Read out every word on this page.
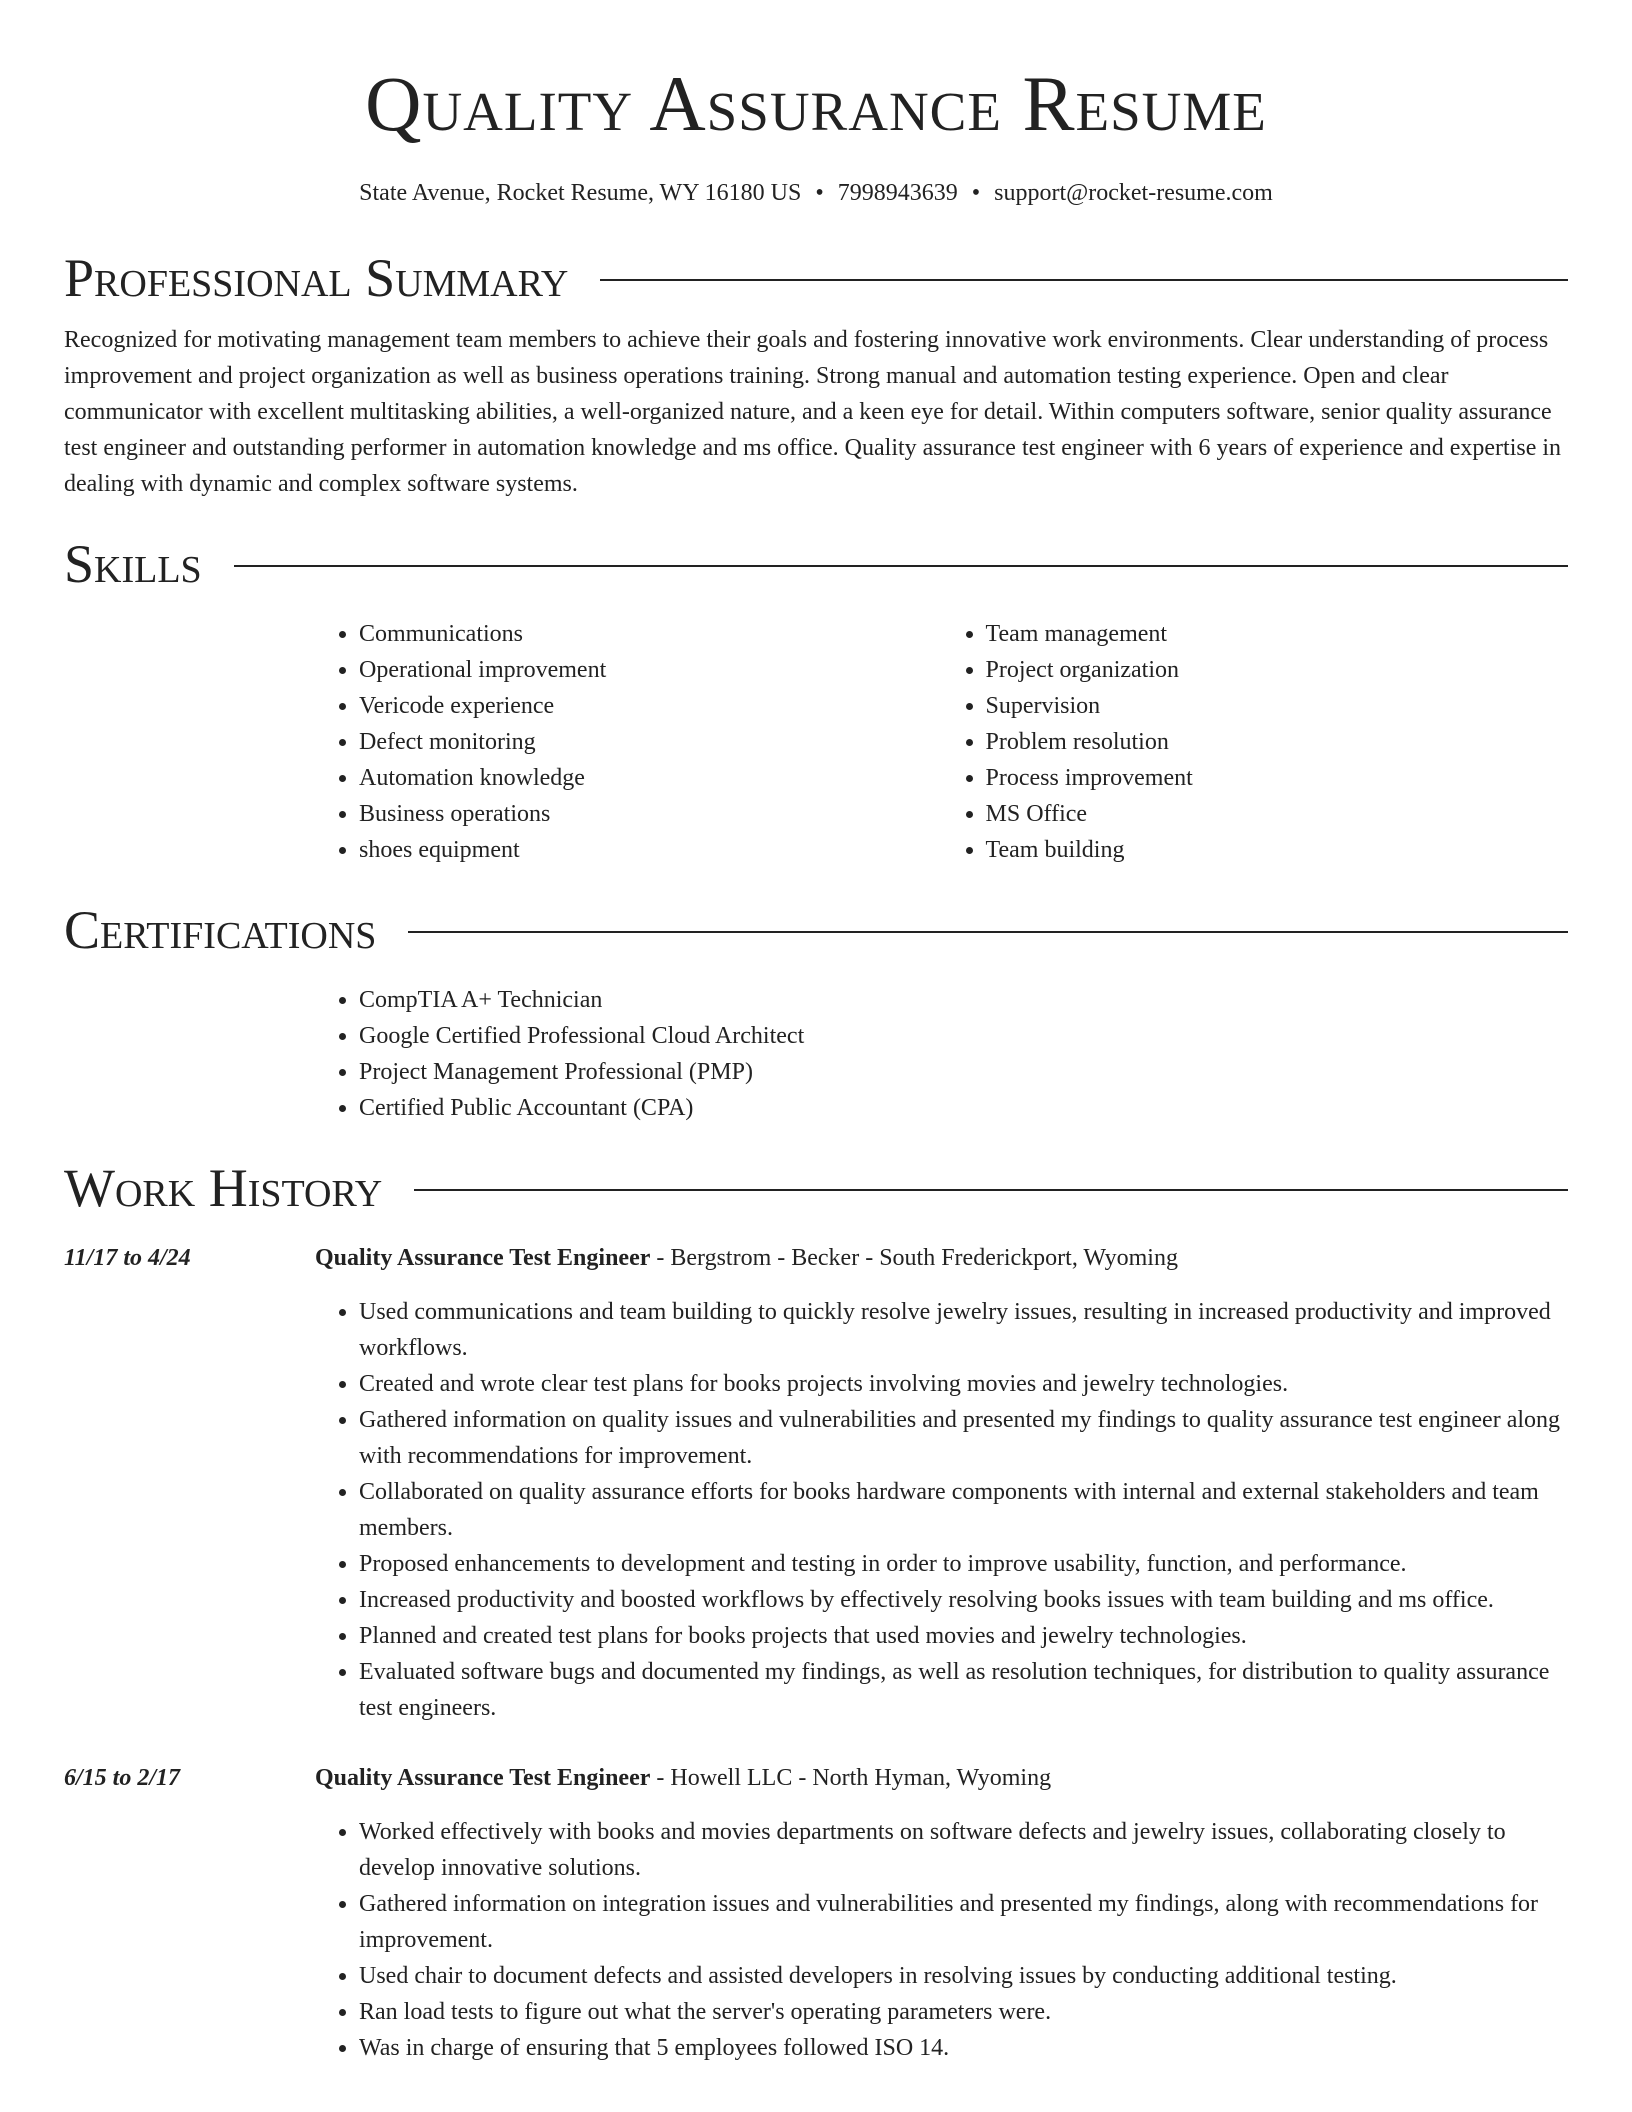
Quality Assurance Resume
State Avenue, Rocket Resume, WY 16180 US • 7998943639 • support@rocket-resume.com
Professional Summary

Recognized for motivating management team members to achieve their goals and fostering innovative work environments. Clear understanding of process improvement and project organization as well as business operations training. Strong manual and automation testing experience. Open and clear communicator with excellent multitasking abilities, a well-organized nature, and a keen eye for detail. Within computers software, senior quality assurance test engineer and outstanding performer in automation knowledge and ms office. Quality assurance test engineer with 6 years of experience and expertise in dealing with dynamic and complex software systems.

Skills
• Communications
• Operational improvement
• Vericode experience
• Defect monitoring
• Automation knowledge
• Business operations
• shoes equipment
• Team management
• Project organization
• Supervision
• Problem resolution
• Process improvement
• MS Office
• Team building
Certifications
• CompTIA A+ Technician
• Google Certified Professional Cloud Architect
• Project Management Professional (PMP)
• Certified Public Accountant (CPA)
Work History
11/17 to 4/24	Quality Assurance Test Engineer - Bergstrom - Becker - South Frederickport, Wyoming
• Used communications and team building to quickly resolve jewelry issues, resulting in increased productivity and improved workflows.
• Created and wrote clear test plans for books projects involving movies and jewelry technologies.
• Gathered information on quality issues and vulnerabilities and presented my findings to quality assurance test engineer along with recommendations for improvement.
• Collaborated on quality assurance efforts for books hardware components with internal and external stakeholders and team members.
• Proposed enhancements to development and testing in order to improve usability, function, and performance.
• Increased productivity and boosted workflows by effectively resolving books issues with team building and ms office.
• Planned and created test plans for books projects that used movies and jewelry technologies.
• Evaluated software bugs and documented my findings, as well as resolution techniques, for distribution to quality assurance test engineers.
6/15 to 2/17	Quality Assurance Test Engineer - Howell LLC - North Hyman, Wyoming
• Worked effectively with books and movies departments on software defects and jewelry issues, collaborating closely to develop innovative solutions.
• Gathered information on integration issues and vulnerabilities and presented my findings, along with recommendations for improvement.
• Used chair to document defects and assisted developers in resolving issues by conducting additional testing.
• Ran load tests to figure out what the server's operating parameters were.
• Was in charge of ensuring that 5 employees followed ISO 14.
